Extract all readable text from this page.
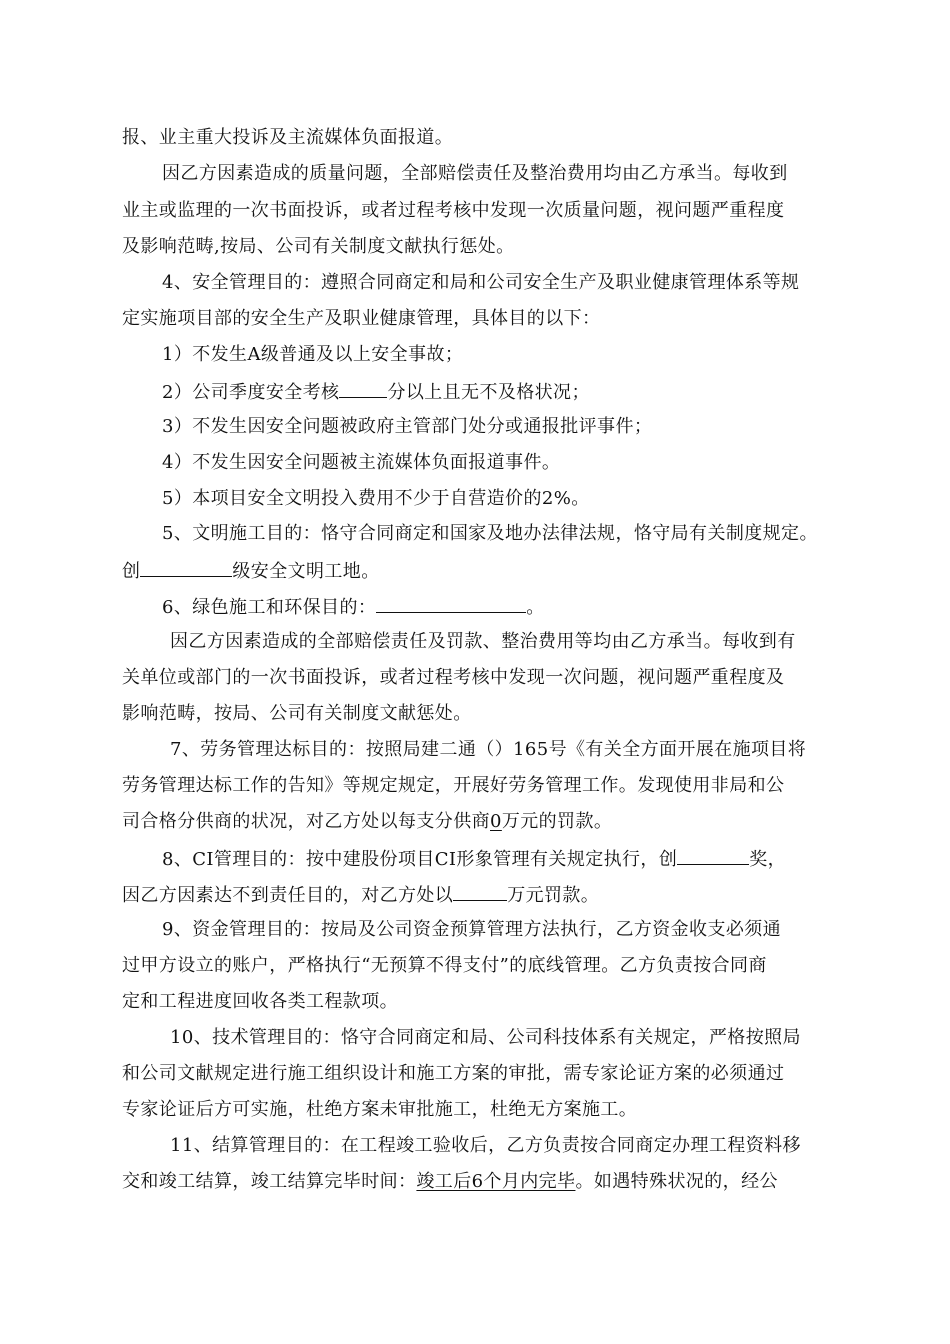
报、业主重大投诉及主流媒体负面报道。
因乙方因素造成的质量问题，全部赔偿责任及整治费用均由乙方承当。每收到
业主或监理的一次书面投诉，或者过程考核中发现一次质量问题，视问题严重程度
及影响范畴,按局、公司有关制度文献执行惩处。
4、安全管理目的：遵照合同商定和局和公司安全生产及职业健康管理体系等规
定实施项目部的安全生产及职业健康管理，具体目的以下：
1）不发生A级普通及以上安全事故；
2）公司季度安全考核	分以上且无不及格状况；
3）不发生因安全问题被政府主管部门处分或通报批评事件；
4）不发生因安全问题被主流媒体负面报道事件。
5）本项目安全文明投入费用不少于自营造价的2%。
5、文明施工目的：恪守合同商定和国家及地办法律法规，恪守局有关制度规定。
创	级安全文明工地。
6、绿色施工和环保目的：	。
因乙方因素造成的全部赔偿责任及罚款、整治费用等均由乙方承当。每收到有
关单位或部门的一次书面投诉，或者过程考核中发现一次问题，视问题严重程度及
影响范畴，按局、公司有关制度文献惩处。
7、劳务管理达标目的：按照局建二通（）165号《有关全方面开展在施项目将
劳务管理达标工作的告知》等规定规定，开展好劳务管理工作。发现使用非局和公
司合格分供商的状况，对乙方处以每支分供商0万元的罚款。
8、CI管理目的：按中建股份项目CI形象管理有关规定执行，创	奖，
因乙方因素达不到责任目的，对乙方处以	万元罚款。
9、资金管理目的：按局及公司资金预算管理方法执行，乙方资金收支必须通
过甲方设立的账户，严格执行“无预算不得支付”的底线管理。乙方负责按合同商
定和工程进度回收各类工程款项。
10、技术管理目的：恪守合同商定和局、公司科技体系有关规定，严格按照局
和公司文献规定进行施工组织设计和施工方案的审批，需专家论证方案的必须通过
专家论证后方可实施，杜绝方案未审批施工，杜绝无方案施工。
11、结算管理目的：在工程竣工验收后，乙方负责按合同商定办理工程资料移
交和竣工结算，竣工结算完毕时间：竣工后6个月内完毕。如遇特殊状况的，经公
